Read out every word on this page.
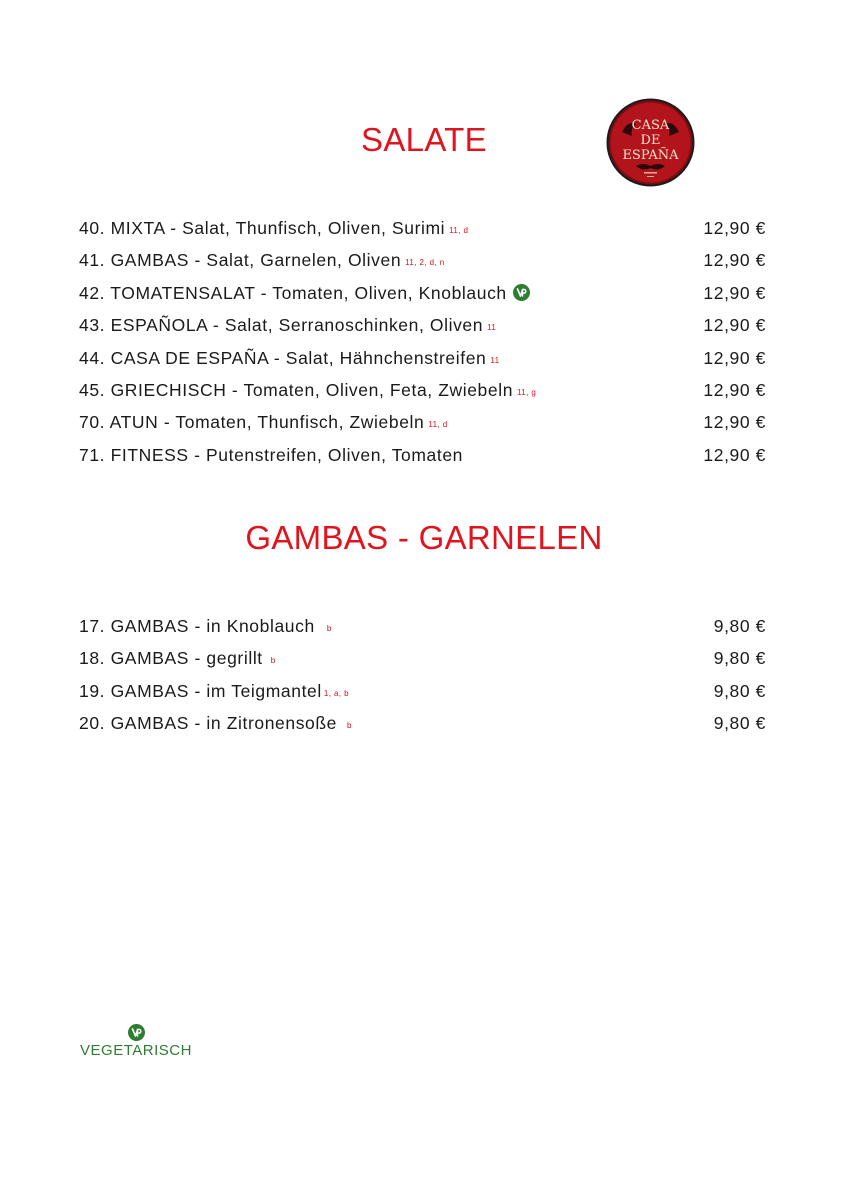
SALATE	CASA
DE
ESPAÑA
40. MIXTA - Salat, Thunfisch, Oliven, Surimi 11, d	12,90 €
41. GAMBAS - Salat, Garnelen, Oliven 11, 2, d, n	12,90 €
42. TOMATENSALAT - Tomaten, Oliven, Knoblauch	12,90 €
43. ESPAÑOLA - Salat, Serranoschinken, Oliven 11	12,90 €
44. CASA DE ESPAÑA - Salat, Hähnchenstreifen 11	12,90 €
45. GRIECHISCH - Tomaten, Oliven, Feta, Zwiebeln 11, g	12,90 €
70. ATUN - Tomaten, Thunfisch, Zwiebeln 11, d	12,90 €
71. FITNESS - Putenstreifen, Oliven, Tomaten	12,90 €
GAMBAS - GARNELEN
17. GAMBAS - in Knoblauch b	9,80 €
18. GAMBAS - gegrillt b	9,80 €
19. GAMBAS - im Teigmantel 1, a, b	9,80 €
20. GAMBAS - in Zitronensoße b	9,80 €
VEGETARISCH
